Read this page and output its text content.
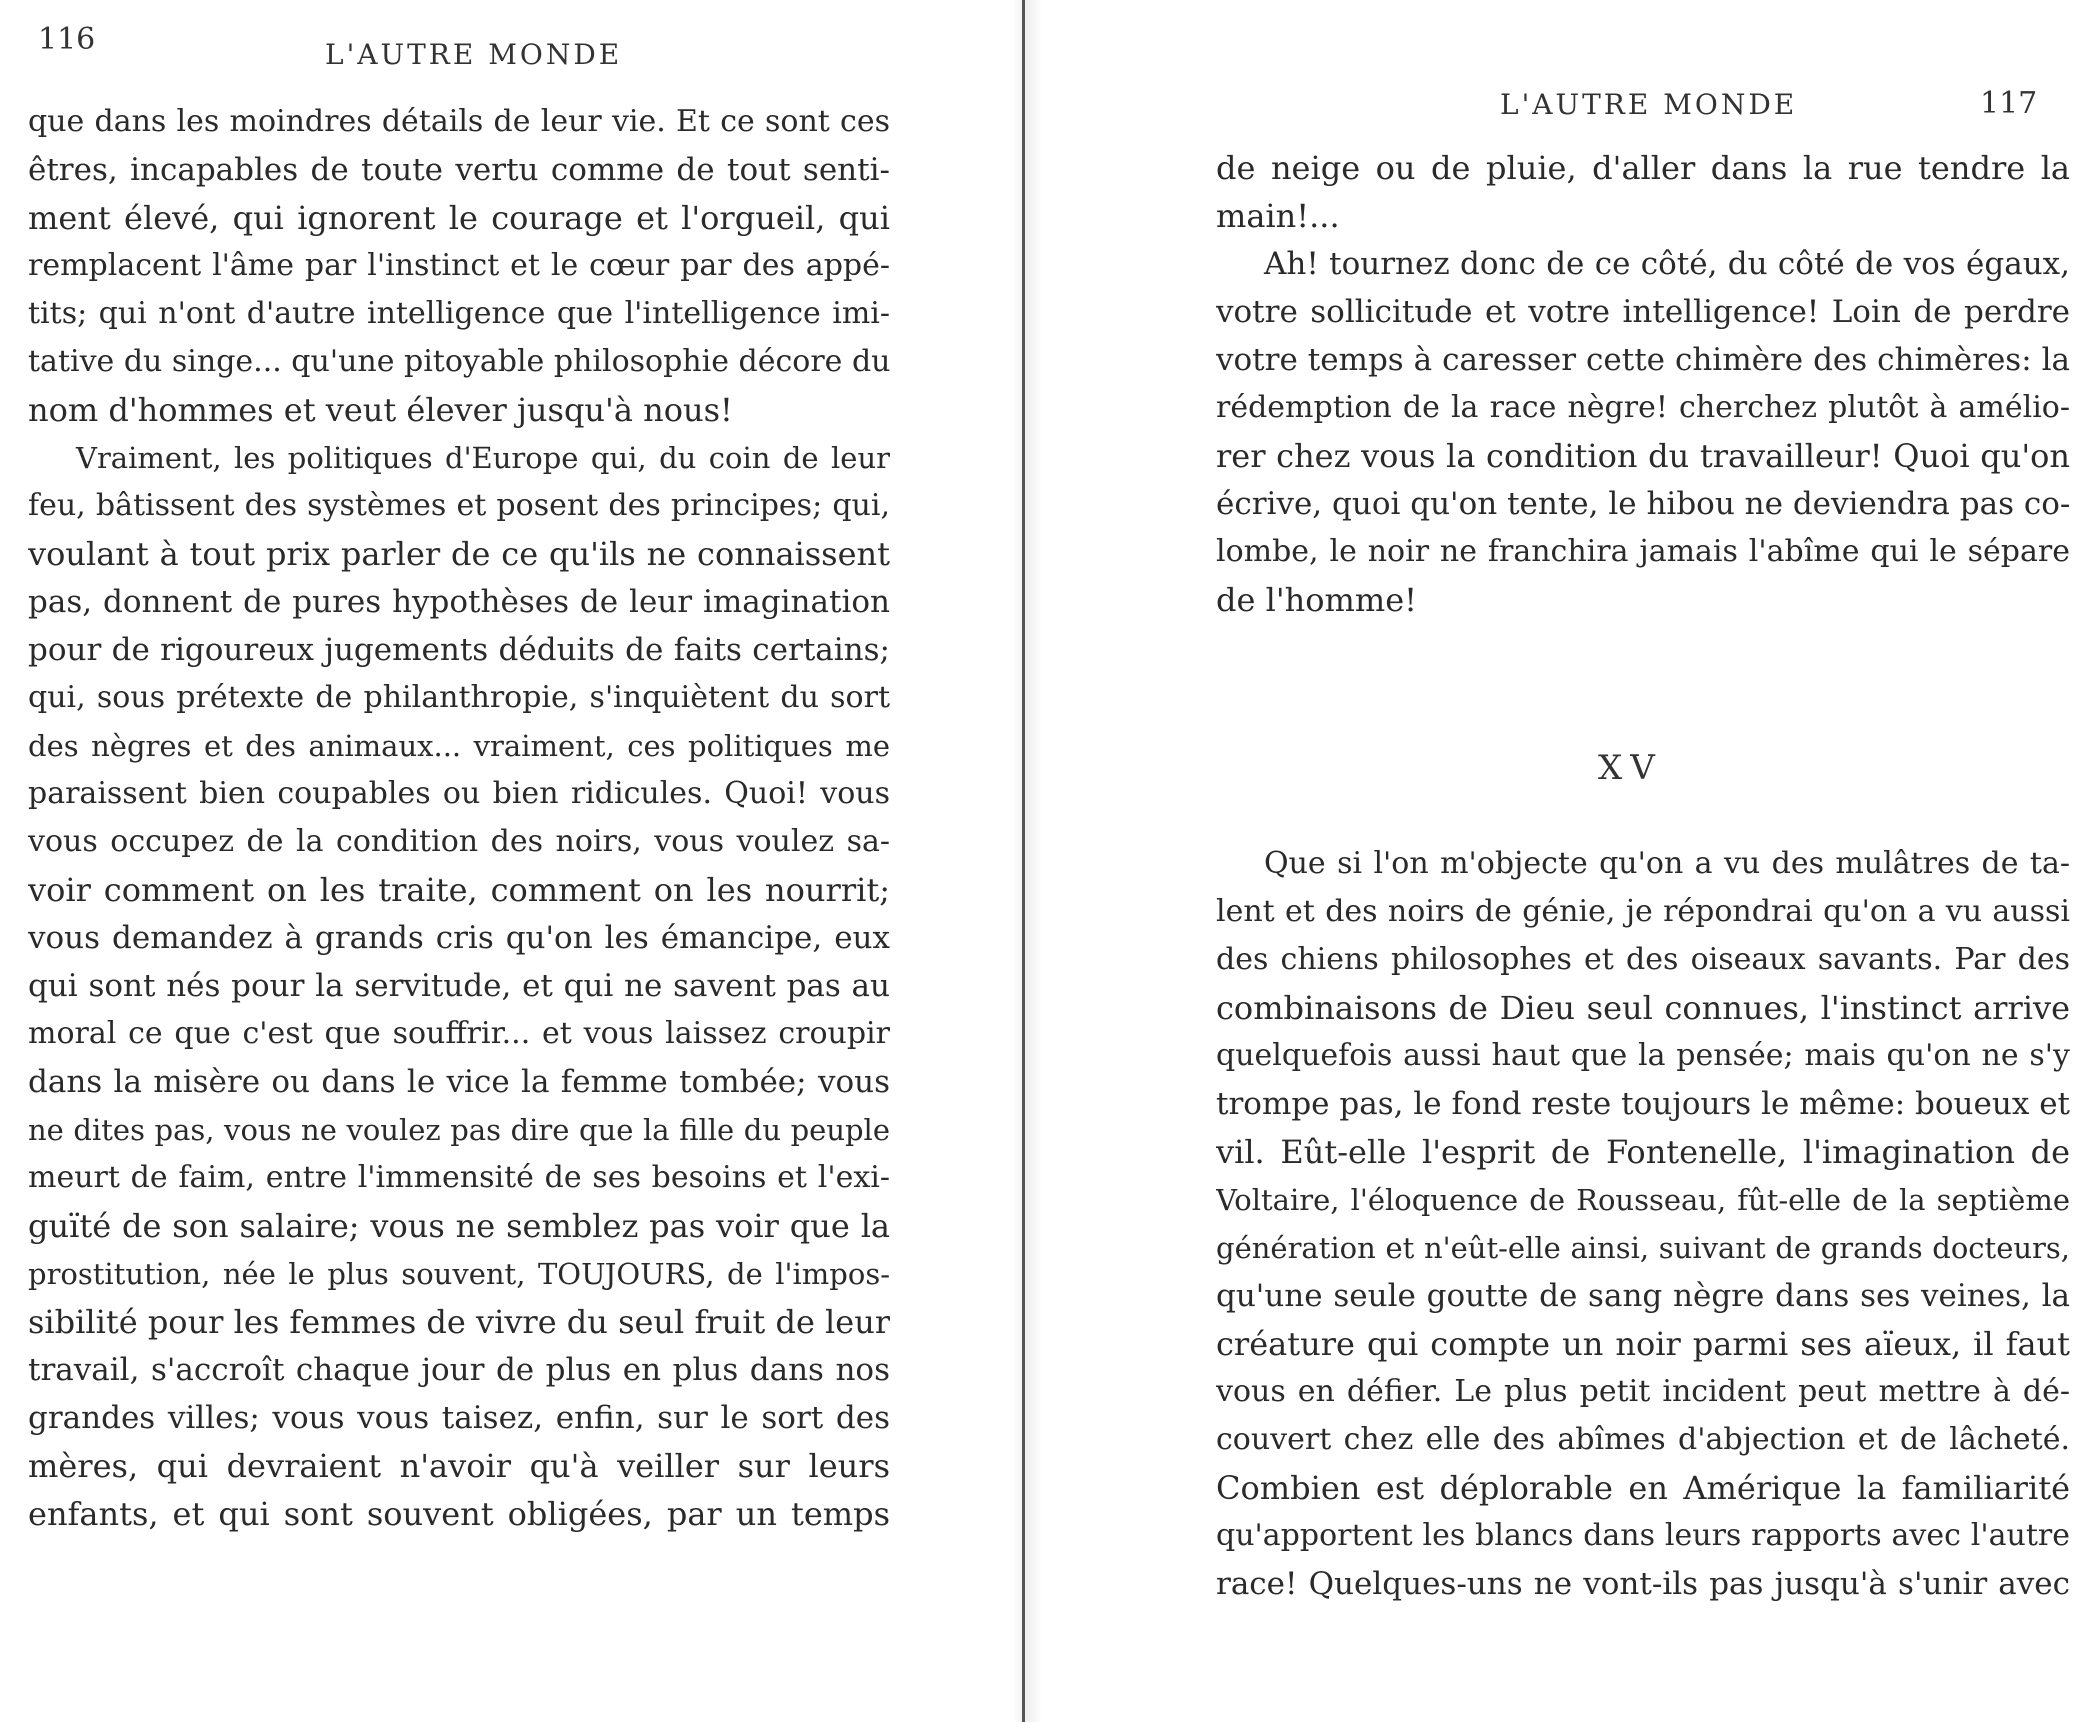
116	L'AUTRE MONDE
que dans les moindres détails de leur vie. Et ce sont ces
êtres, incapables de toute vertu comme de tout senti-
ment élevé, qui ignorent le courage et l'orgueil, qui
remplacent l'âme par l'instinct et le cœur par des appé-
tits; qui n'ont d'autre intelligence que l'intelligence imi-
tative du singe... qu'une pitoyable philosophie décore du
nom d'hommes et veut élever jusqu'à nous!
Vraiment, les politiques d'Europe qui, du coin de leur
feu, bâtissent des systèmes et posent des principes; qui,
voulant à tout prix parler de ce qu'ils ne connaissent
pas, donnent de pures hypothèses de leur imagination
pour de rigoureux jugements déduits de faits certains;
qui, sous prétexte de philanthropie, s'inquiètent du sort
des nègres et des animaux... vraiment, ces politiques me
paraissent bien coupables ou bien ridicules. Quoi! vous
vous occupez de la condition des noirs, vous voulez sa-
voir comment on les traite, comment on les nourrit;
vous demandez à grands cris qu'on les émancipe, eux
qui sont nés pour la servitude, et qui ne savent pas au
moral ce que c'est que souffrir... et vous laissez croupir
dans la misère ou dans le vice la femme tombée; vous
ne dites pas, vous ne voulez pas dire que la fille du peuple
meurt de faim, entre l'immensité de ses besoins et l'exi-
guïté de son salaire; vous ne semblez pas voir que la
prostitution, née le plus souvent, TOUJOURS, de l'impos-
sibilité pour les femmes de vivre du seul fruit de leur
travail, s'accroît chaque jour de plus en plus dans nos
grandes villes; vous vous taisez, enfin, sur le sort des
mères, qui devraient n'avoir qu'à veiller sur leurs
enfants, et qui sont souvent obligées, par un temps
L'AUTRE MONDE	117
de neige ou de pluie, d'aller dans la rue tendre la
main!...
Ah! tournez donc de ce côté, du côté de vos égaux,
votre sollicitude et votre intelligence! Loin de perdre
votre temps à caresser cette chimère des chimères: la
rédemption de la race nègre! cherchez plutôt à amélio-
rer chez vous la condition du travailleur! Quoi qu'on
écrive, quoi qu'on tente, le hibou ne deviendra pas co-
lombe, le noir ne franchira jamais l'abîme qui le sépare
de l'homme!
XV
Que si l'on m'objecte qu'on a vu des mulâtres de ta-
lent et des noirs de génie, je répondrai qu'on a vu aussi
des chiens philosophes et des oiseaux savants. Par des
combinaisons de Dieu seul connues, l'instinct arrive
quelquefois aussi haut que la pensée; mais qu'on ne s'y
trompe pas, le fond reste toujours le même: boueux et
vil. Eût-elle l'esprit de Fontenelle, l'imagination de
Voltaire, l'éloquence de Rousseau, fût-elle de la septième
génération et n'eût-elle ainsi, suivant de grands docteurs,
qu'une seule goutte de sang nègre dans ses veines, la
créature qui compte un noir parmi ses aïeux, il faut
vous en défier. Le plus petit incident peut mettre à dé-
couvert chez elle des abîmes d'abjection et de lâcheté.
Combien est déplorable en Amérique la familiarité
qu'apportent les blancs dans leurs rapports avec l'autre
race! Quelques-uns ne vont-ils pas jusqu'à s'unir avec
